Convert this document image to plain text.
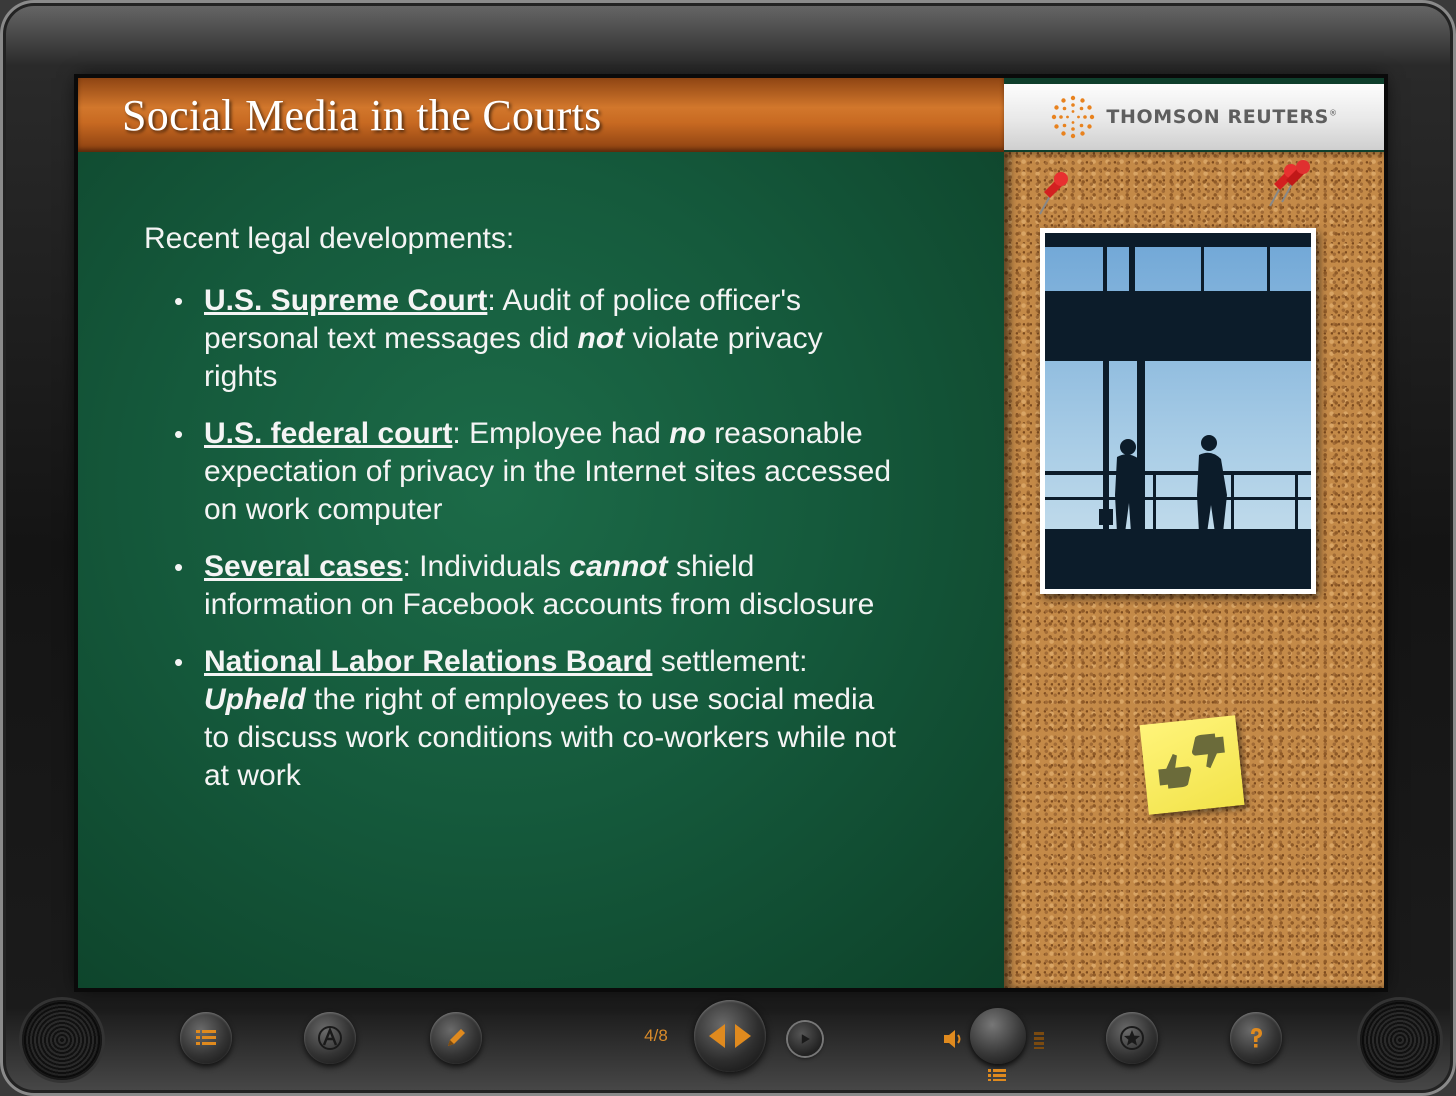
Social Media in the Courts	THOMSON REUTERS®
Recent legal developments:
• U.S. Supreme Court: Audit of police officer's personal text messages did not violate privacy rights
• U.S. federal court: Employee had no reasonable expectation of privacy in the Internet sites accessed on work computer
• Several cases: Individuals cannot shield information on Facebook accounts from disclosure
• National Labor Relations Board settlement: Upheld the right of employees to use social media to discuss work conditions with co-workers while not at work
4/8
